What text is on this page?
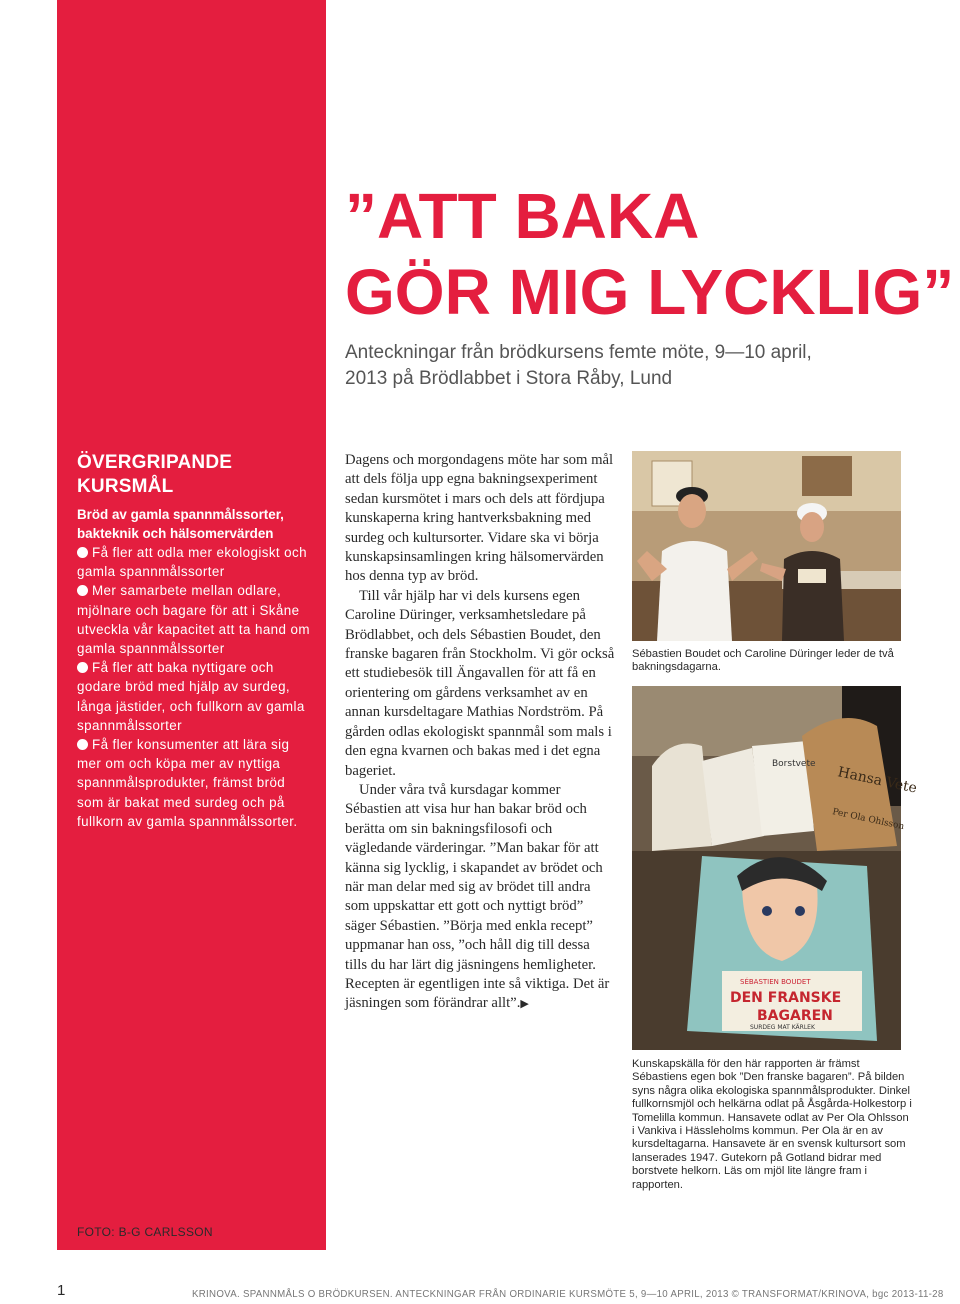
”ATT BAKA
GÖR MIG LYCKLIG”
Anteckningar från brödkursens femte möte, 9—10 april,
2013 på Brödlabbet i Stora Råby, Lund
ÖVERGRIPANDE KURSMÅL

Bröd av gamla spannmålssorter,
bakteknik och hälsomervärden

Få fler att odla mer ekologiskt och gamla spannmålssorter
Mer samarbete mellan odlare, mjölnare och bagare för att i Skåne utveckla vår kapacitet att ta hand om gamla spannmålssorter
Få fler att baka nyttigare och godare bröd med hjälp av surdeg, långa jästider, och fullkorn av gamla spannmålssorter
Få fler konsumenter att lära sig mer om och köpa mer av nyttiga spannmålsprodukter, främst bröd som är bakat med surdeg och på fullkorn av gamla spannmålssorter.

Dagens och morgondagens möte har som mål att dels följa upp egna bakningsexperiment sedan kursmötet i mars och dels att fördjupa kunskaperna kring hantverksbakning med surdeg och kultursorter. Vidare ska vi börja kunskapsinsamlingen kring hälsomervärden hos denna typ av bröd.

Till vår hjälp har vi dels kursens egen Caroline Düringer, verksamhetsledare på Brödlabbet, och dels Sébastien Boudet, den franske bagaren från Stockholm. Vi gör också ett studiebesök till Ängavallen för att få en orientering om gårdens verksamhet av en annan kursdeltagare Mathias Nordström. På gården odlas ekologiskt spannmål som mals i den egna kvarnen och bakas med i det egna bageriet.

Under våra två kursdagar kommer Sébastien att visa hur han bakar bröd och berätta om sin bakningsfilosofi och vägledande värderingar. ”Man bakar för att känna sig lycklig, i skapandet av brödet och när man delar med sig av brödet till andra som uppskattar ett gott och nyttigt bröd” säger Sébastien. ”Börja med enkla recept” uppmanar han oss, ”och håll dig till dessa tills du har lärt dig jäsningens hemligheter. Recepten är egentligen inte så viktiga. Det är jäsningen som förändrar allt”.▶

Sébastien Boudet och Caroline Düringer leder de två bakningsdagarna.
Borstvete
Hansa Vete
Per Ola Ohlsson
SÉBASTIEN BOUDET
DEN FRANSKE
BAGAREN
SURDEG MAT KÄRLEK
Kunskapskälla för den här rapporten är främst Sébastiens egen bok ”Den franske bagaren”. På bilden syns några olika ekologiska spannmålsprodukter. Dinkel fullkornsmjöl och helkärna odlat på Åsgårda-Holkestorp i Tomelilla kommun. Hansavete odlat av Per Ola Ohlsson i Vankiva i Hässleholms kommun. Per Ola är en av kursdeltagarna. Hansavete är en svensk kultursort som lanserades 1947. Gutekorn på Gotland bidrar med borstvete helkorn. Läs om mjöl lite längre fram i rapporten.
FOTO: B-G CARLSSON
1	KRINOVA. SPANNMÅLS O BRÖDKURSEN. ANTECKNINGAR FRÅN ORDINARIE KURSMÖTE 5, 9—10 APRIL, 2013 © TRANSFORMAT/KRINOVA, bgc 2013-11-28
